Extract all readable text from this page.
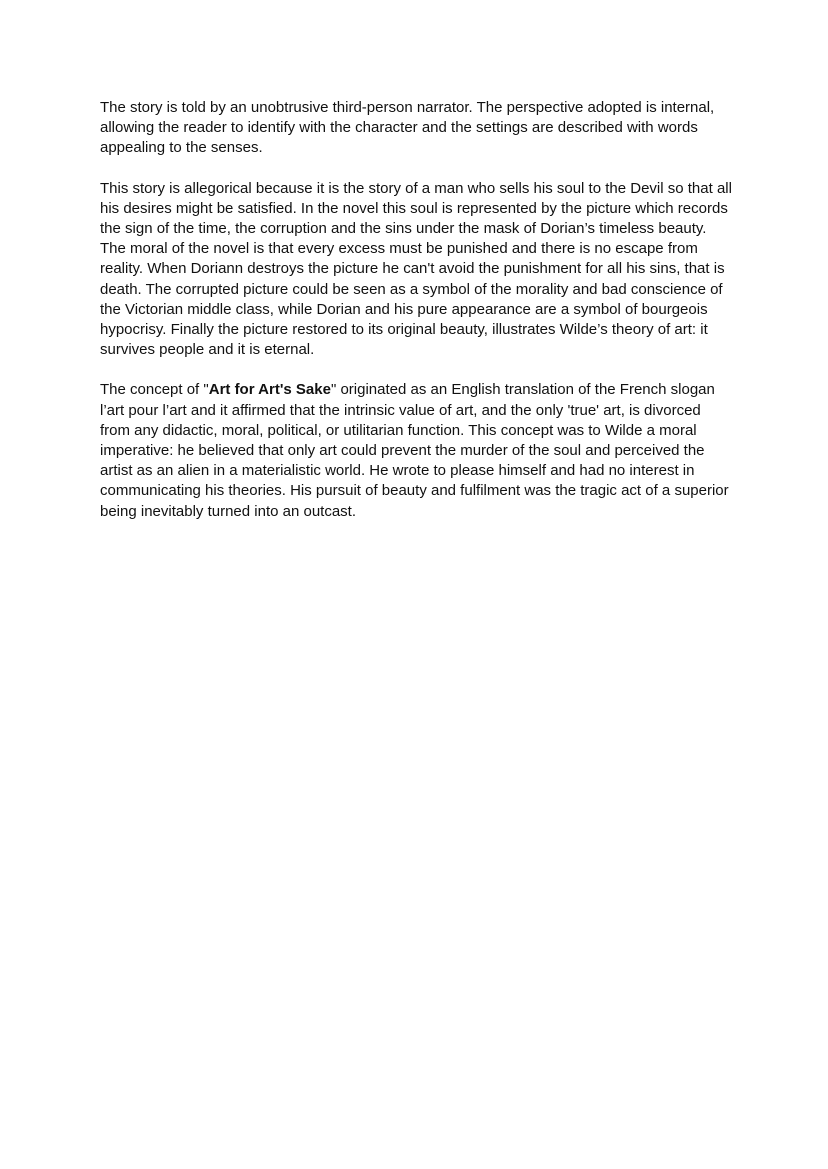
The story is told by an unobtrusive third-person narrator. The perspective adopted is internal, allowing the reader to identify with the character and the settings are described with words appealing to the senses.

This story is allegorical because it is the story of a man who sells his soul to the Devil so that all his desires might be satisfied. In the novel this soul is represented by the picture which records the sign of the time, the corruption and the sins under the mask of Dorian’s timeless beauty.

The moral of the novel is that every excess must be punished and there is no escape from reality. When Doriann destroys the picture he can't avoid the punishment for all his sins, that is death. The corrupted picture could be seen as a symbol of the morality and bad conscience of the Victorian middle class, while Dorian and his pure appearance are a symbol of bourgeois hypocrisy. Finally the picture restored to its original beauty, illustrates Wilde’s theory of art: it survives people and it is eternal.

The concept of "Art for Art's Sake" originated as an English translation of the French slogan l’art pour l’art and it affirmed that the intrinsic value of art, and the only 'true' art, is divorced from any didactic, moral, political, or utilitarian function. This concept was to Wilde a moral imperative: he believed that only art could prevent the murder of the soul and perceived the artist as an alien in a materialistic world. He wrote to please himself and had no interest in communicating his theories. His pursuit of beauty and fulfilment was the tragic act of a superior being inevitably turned into an outcast.
